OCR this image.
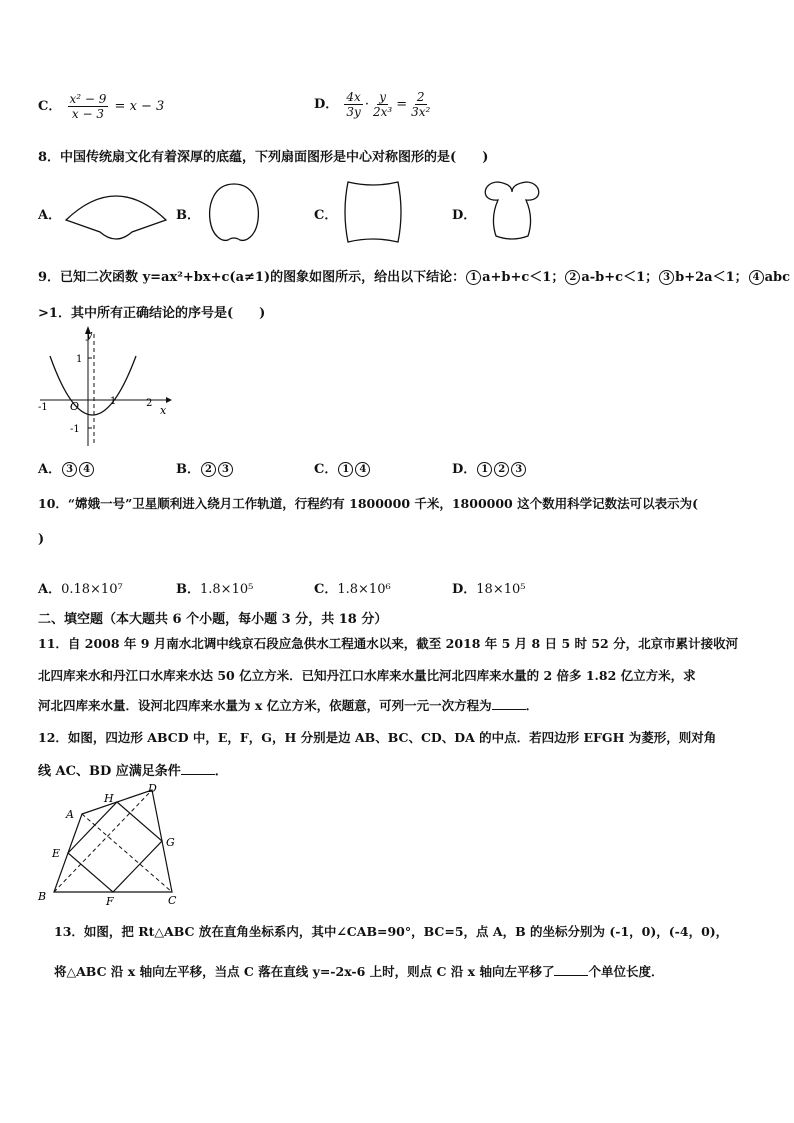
C． $\frac{\text{x² − 9}}{x - 3} = x - 3$	D． $\frac{4x}{3y} \cdot \frac{y}{\text{2x³}} = \frac{2}{\text{3x²}}$
8．中国传统扇文化有着深厚的底蕴，下列扇面图形是中心对称图形的是(　　)
A．	B．	C．	D．
9．已知二次函数 y=ax²+bx+c(a≠1)的图象如图所示，给出以下结论： 1 a+b+c＜1； 2 a-b+c＜1； 3 b+2a＜1； 4 abc
>1．其中所有正确结论的序号是(　　)
y
x
O
-1
1	2
1
-1
A． 3 4	B． 2 3	C． 1 4	D． 1 2 3
10．“嫦娥一号”卫星顺利进入绕月工作轨道，行程约有 1800000 千米，1800000 这个数用科学记数法可以表示为(
)
A．0.18×10⁷	B．1.8×10⁵	C．1.8×10⁶	D．18×10⁵
二、填空题（本大题共 6 个小题，每小题 3 分，共 18 分）
11．自 2008 年 9 月南水北调中线京石段应急供水工程通水以来，截至 2018 年 5 月 8 日 5 时 52 分，北京市累计接收河
北四库来水和丹江口水库来水达 50 亿立方米．已知丹江口水库来水量比河北四库来水量的 2 倍多 1.82 亿立方米，求
河北四库来水量．设河北四库来水量为 x 亿立方米，依题意，可列一元一次方程为	．
12．如图，四边形 ABCD 中，E，F，G，H 分别是边 AB、BC、CD、DA 的中点．若四边形 EFGH 为菱形，则对角
线 AC、BD 应满足条件	．
A
B	C
D
E
F
G
H
13．如图，把 Rt△ABC 放在直角坐标系内，其中∠CAB=90°，BC=5，点 A，B 的坐标分别为 (-1，0)，(-4，0)，
将△ABC 沿 x 轴向左平移，当点 C 落在直线 y=-2x-6 上时，则点 C 沿 x 轴向左平移了	个单位长度．
